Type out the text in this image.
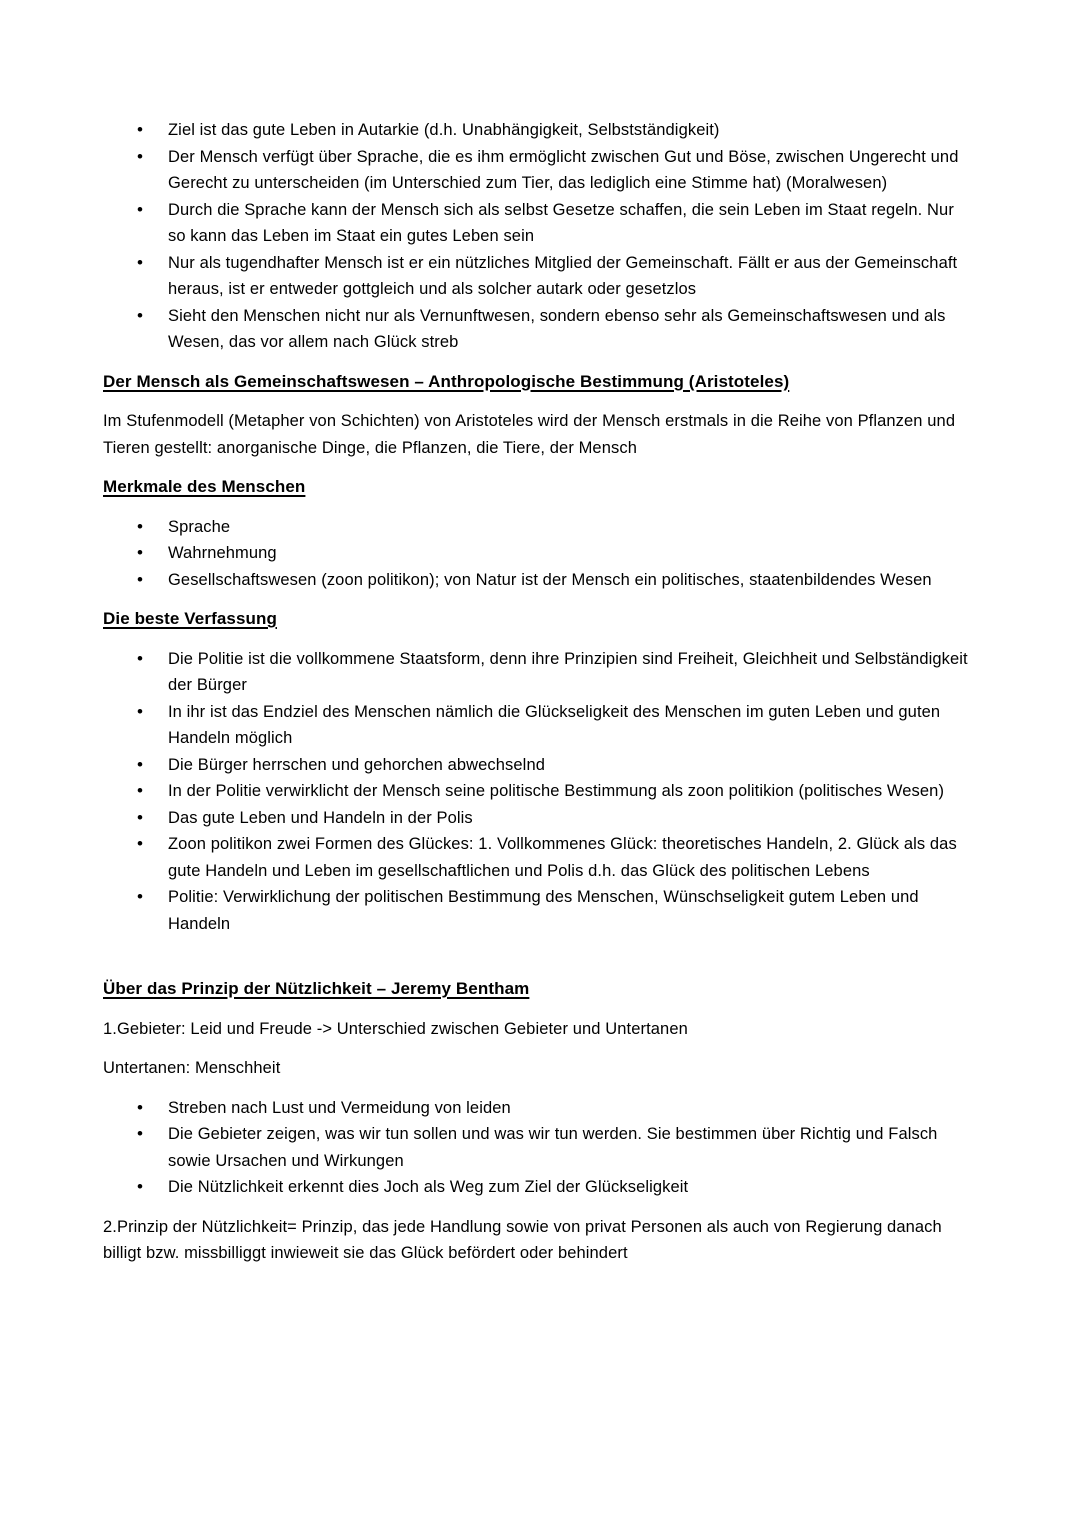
• Ziel ist das gute Leben in Autarkie (d.h. Unabhängigkeit, Selbstständigkeit)
• Der Mensch verfügt über Sprache, die es ihm ermöglicht zwischen Gut und Böse, zwischen Ungerecht und Gerecht zu unterscheiden (im Unterschied zum Tier, das lediglich eine Stimme hat) (Moralwesen)
• Durch die Sprache kann der Mensch sich als selbst Gesetze schaffen, die sein Leben im Staat regeln. Nur so kann das Leben im Staat ein gutes Leben sein
• Nur als tugendhafter Mensch ist er ein nützliches Mitglied der Gemeinschaft. Fällt er aus der Gemeinschaft heraus, ist er entweder gottgleich und als solcher autark oder gesetzlos
• Sieht den Menschen nicht nur als Vernunftwesen, sondern ebenso sehr als Gemeinschaftswesen und als Wesen, das vor allem nach Glück streb
Der Mensch als Gemeinschaftswesen – Anthropologische Bestimmung (Aristoteles)

Im Stufenmodell (Metapher von Schichten) von Aristoteles wird der Mensch erstmals in die Reihe von Pflanzen und Tieren gestellt: anorganische Dinge, die Pflanzen, die Tiere, der Mensch

Merkmale des Menschen
• Sprache
• Wahrnehmung
• Gesellschaftswesen (zoon politikon); von Natur ist der Mensch ein politisches, staatenbildendes Wesen
Die beste Verfassung
• Die Politie ist die vollkommene Staatsform, denn ihre Prinzipien sind Freiheit, Gleichheit und Selbständigkeit der Bürger
• In ihr ist das Endziel des Menschen nämlich die Glückseligkeit des Menschen im guten Leben und guten Handeln möglich
• Die Bürger herrschen und gehorchen abwechselnd
• In der Politie verwirklicht der Mensch seine politische Bestimmung als zoon politikion (politisches Wesen)
• Das gute Leben und Handeln in der Polis
• Zoon politikon zwei Formen des Glückes: 1. Vollkommenes Glück: theoretisches Handeln, 2. Glück als das gute Handeln und Leben im gesellschaftlichen und Polis d.h. das Glück des politischen Lebens
• Politie: Verwirklichung der politischen Bestimmung des Menschen, Wünschseligkeit gutem Leben und Handeln
Über das Prinzip der Nützlichkeit – Jeremy Bentham

1.Gebieter: Leid und Freude -> Unterschied zwischen Gebieter und Untertanen

Untertanen: Menschheit

• Streben nach Lust und Vermeidung von leiden
• Die Gebieter zeigen, was wir tun sollen und was wir tun werden. Sie bestimmen über Richtig und Falsch sowie Ursachen und Wirkungen
• Die Nützlichkeit erkennt dies Joch als Weg zum Ziel der Glückseligkeit

2.Prinzip der Nützlichkeit= Prinzip, das jede Handlung sowie von privat Personen als auch von Regierung danach billigt bzw. missbilliggt inwieweit sie das Glück befördert oder behindert
